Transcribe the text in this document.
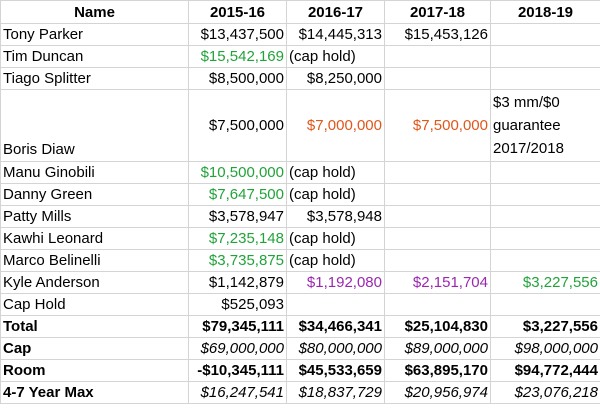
Name	2015-16	2016-17	2017-18	2018-19
Tony Parker	$13,437,500	$14,445,313	$15,453,126	
Tim Duncan	$15,542,169	(cap hold)		
Tiago Splitter	$8,500,000	$8,250,000		
Boris Diaw	$7,500,000	$7,000,000	$7,500,000	$3 mm/$0 guarantee 2017/2018
Manu Ginobili	$10,500,000	(cap hold)		
Danny Green	$7,647,500	(cap hold)		
Patty Mills	$3,578,947	$3,578,948		
Kawhi Leonard	$7,235,148	(cap hold)		
Marco Belinelli	$3,735,875	(cap hold)		
Kyle Anderson	$1,142,879	$1,192,080	$2,151,704	$3,227,556
Cap Hold	$525,093			
Total	$79,345,111	$34,466,341	$25,104,830	$3,227,556
Cap	$69,000,000	$80,000,000	$89,000,000	$98,000,000
Room	-$10,345,111	$45,533,659	$63,895,170	$94,772,444
4-7 Year Max	$16,247,541	$18,837,729	$20,956,974	$23,076,218
